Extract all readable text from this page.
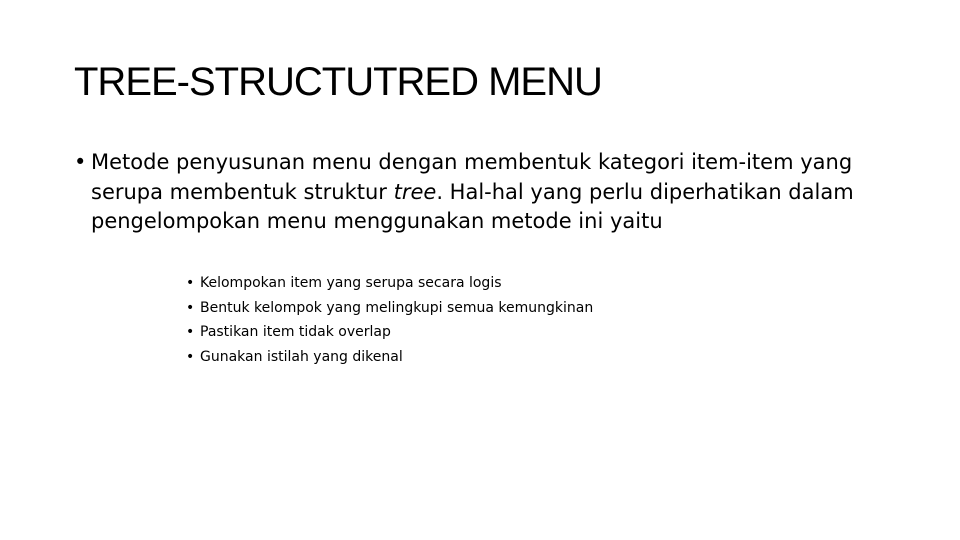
TREE-STRUCTUTRED MENU
• Metode penyusunan menu dengan membentuk kategori item-item yang serupa membentuk struktur tree. Hal-hal yang perlu diperhatikan dalam pengelompokan menu menggunakan metode ini yaitu
• Kelompokan item yang serupa secara logis
• Bentuk kelompok yang melingkupi semua kemungkinan
• Pastikan item tidak overlap
• Gunakan istilah yang dikenal
